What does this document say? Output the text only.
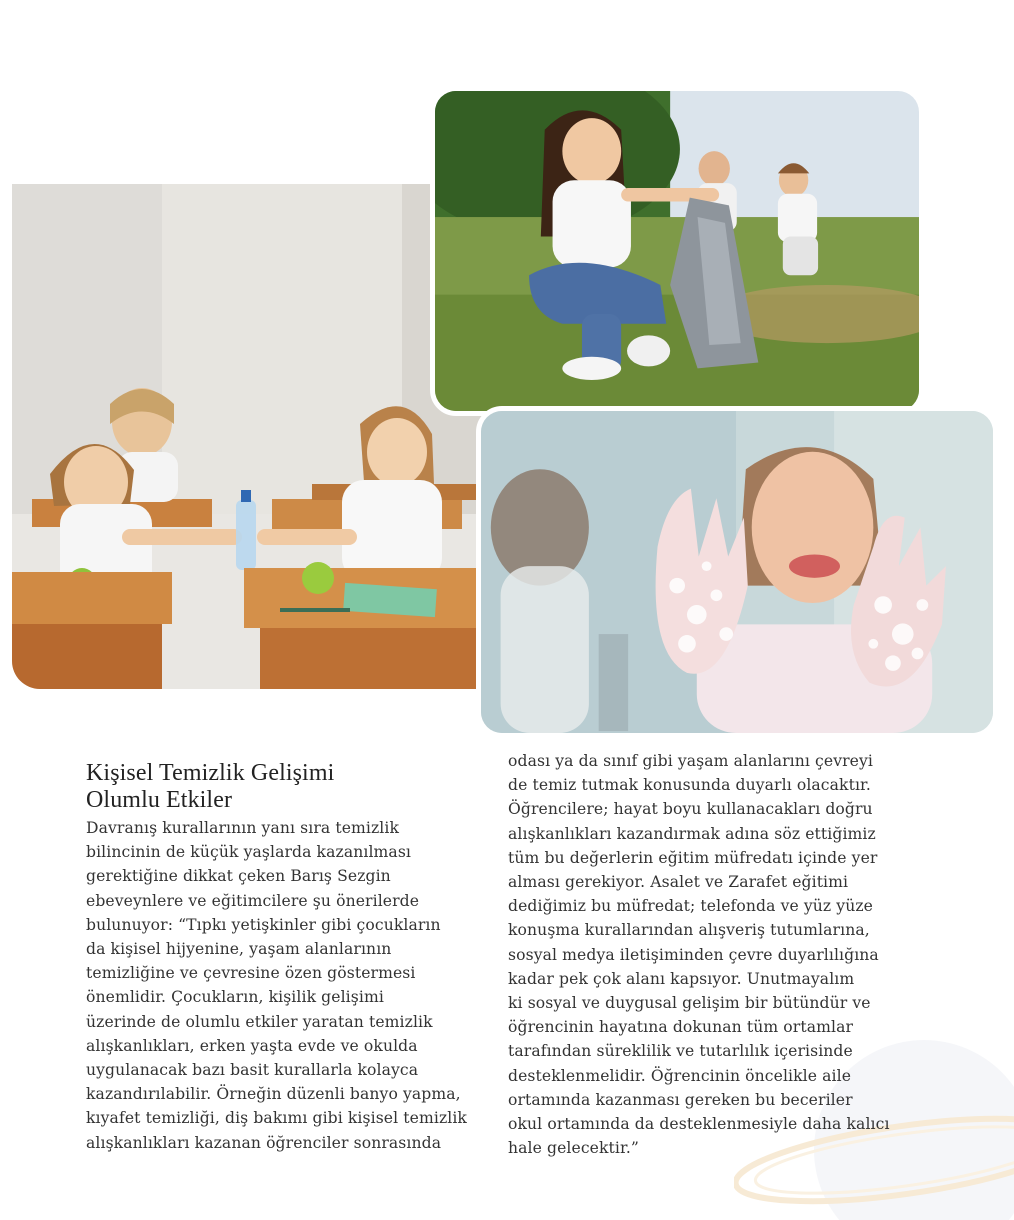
Kişisel Temizlik Gelişimi
Olumlu Etkiler
Davranış kurallarının yanı sıra temizlik
bilincinin de küçük yaşlarda kazanılması
gerektiğine dikkat çeken Barış Sezgin
ebeveynlere ve eğitimcilere şu önerilerde
bulunuyor: “Tıpkı yetişkinler gibi çocukların
da kişisel hijyenine, yaşam alanlarının
temizliğine ve çevresine özen göstermesi
önemlidir. Çocukların, kişilik gelişimi
üzerinde de olumlu etkiler yaratan temizlik
alışkanlıkları, erken yaşta evde ve okulda
uygulanacak bazı basit kurallarla kolayca
kazandırılabilir. Örneğin düzenli banyo yapma,
kıyafet temizliği, diş bakımı gibi kişisel temizlik
alışkanlıkları kazanan öğrenciler sonrasında
odası ya da sınıf gibi yaşam alanlarını çevreyi
de temiz tutmak konusunda duyarlı olacaktır.
Öğrencilere; hayat boyu kullanacakları doğru
alışkanlıkları kazandırmak adına söz ettiğimiz
tüm bu değerlerin eğitim müfredatı içinde yer
alması gerekiyor. Asalet ve Zarafet eğitimi
dediğimiz bu müfredat; telefonda ve yüz yüze
konuşma kurallarından alışveriş tutumlarına,
sosyal medya iletişiminden çevre duyarlılığına
kadar pek çok alanı kapsıyor. Unutmayalım
ki sosyal ve duygusal gelişim bir bütündür ve
öğrencinin hayatına dokunan tüm ortamlar
tarafından süreklilik ve tutarlılık içerisinde
desteklenmelidir. Öğrencinin öncelikle aile
ortamında kazanması gereken bu beceriler
okul ortamında da desteklenmesiyle daha kalıcı
hale gelecektir.”
